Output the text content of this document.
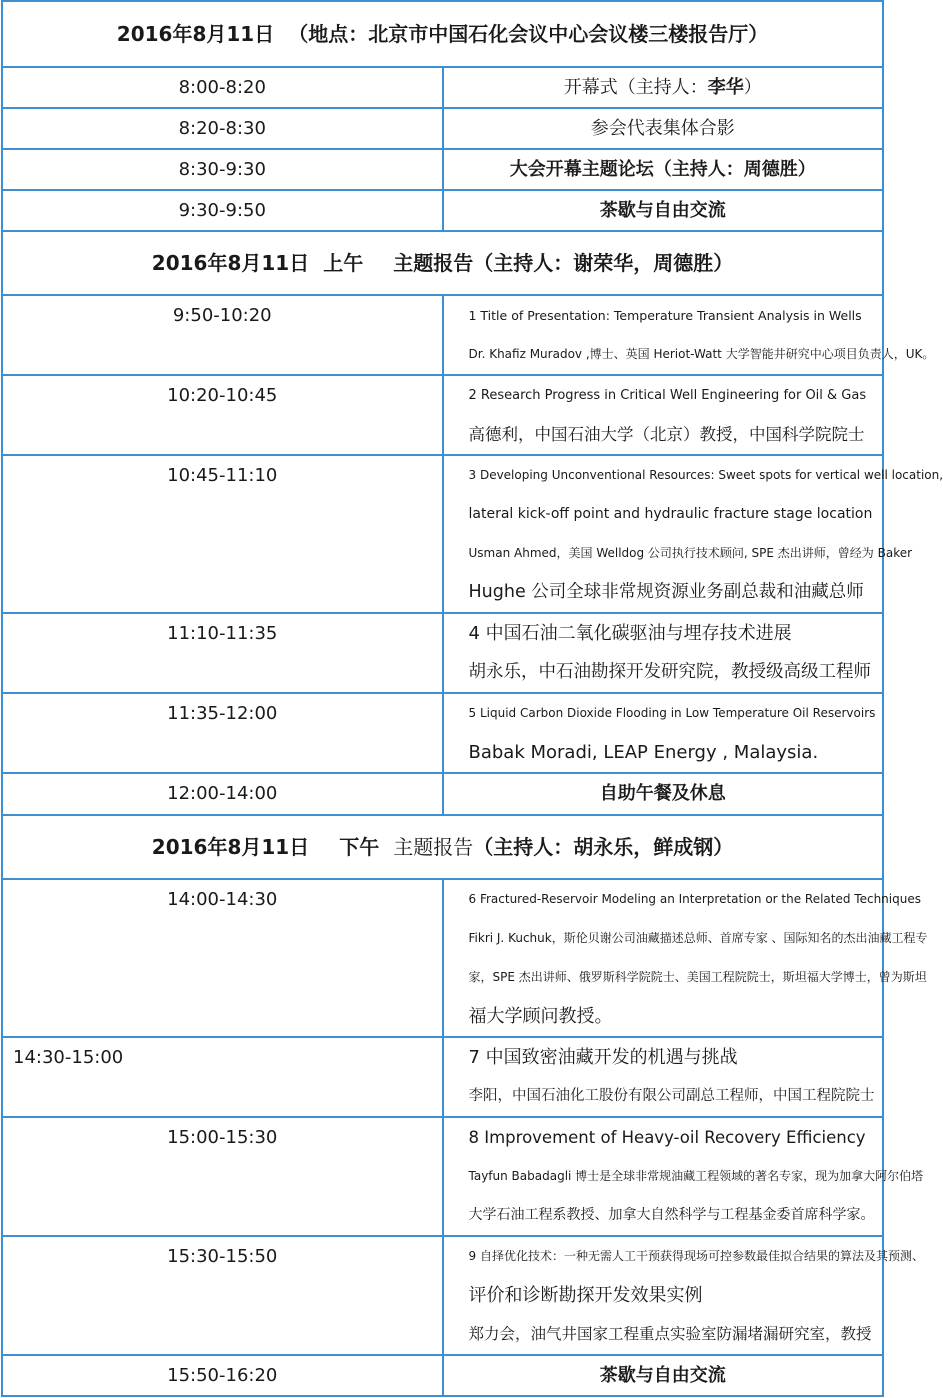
2016年8月11日 （地点：北京市中国石化会议中心会议楼三楼报告厅）	
8:00-8:20	开幕式（主持人：李华）
8:20-8:30	参会代表集体合影
8:30-9:30	大会开幕主题论坛（主持人：周德胜）
9:30-9:50	茶歇与自由交流
2016年8月11日 上午 主题报告（主持人：谢荣华，周德胜）	
9:50-10:20	1 Title of Presentation: Temperature Transient Analysis in Wells
Dr. Khafiz Muradov ,博士、英国 Heriot-Watt 大学智能井研究中心项目负责人，UK。

10:20-10:45	2 Research Progress in Critical Well Engineering for Oil & Gas
高德利，中国石油大学（北京）教授，中国科学院院士

10:45-11:10	3 Developing Unconventional Resources: Sweet spots for vertical well location,
lateral kick-off point and hydraulic fracture stage location
Usman Ahmed，美国 Welldog 公司执行技术顾问, SPE 杰出讲师，曾经为 Baker
Hughe 公司全球非常规资源业务副总裁和油藏总师

11:10-11:35	4 中国石油二氧化碳驱油与埋存技术进展
胡永乐，中石油勘探开发研究院，教授级高级工程师

11:35-12:00	5 Liquid Carbon Dioxide Flooding in Low Temperature Oil Reservoirs
Babak Moradi, LEAP Energy , Malaysia.

12:00-14:00	自助午餐及休息
2016年8月11日 下午 主题报告（主持人：胡永乐，鲜成钢）	
14:00-14:30	6 Fractured-Reservoir Modeling an Interpretation or the Related Techniques
Fikri J. Kuchuk，斯伦贝谢公司油藏描述总师、首席专家 、国际知名的杰出油藏工程专
家，SPE 杰出讲师、俄罗斯科学院院士、美国工程院院士，斯坦福大学博士，曾为斯坦
福大学顾问教授。

14:30-15:00	7 中国致密油藏开发的机遇与挑战
李阳，中国石油化工股份有限公司副总工程师，中国工程院院士

15:00-15:30	8 Improvement of Heavy-oil Recovery Efficiency
Tayfun Babadagli 博士是全球非常规油藏工程领域的著名专家，现为加拿大阿尔伯塔
大学石油工程系教授、加拿大自然科学与工程基金委首席科学家。

15:30-15:50	9 自择优化技术：一种无需人工干预获得现场可控参数最佳拟合结果的算法及其预测、
评价和诊断勘探开发效果实例
郑力会，油气井国家工程重点实验室防漏堵漏研究室，教授

15:50-16:20	茶歇与自由交流
